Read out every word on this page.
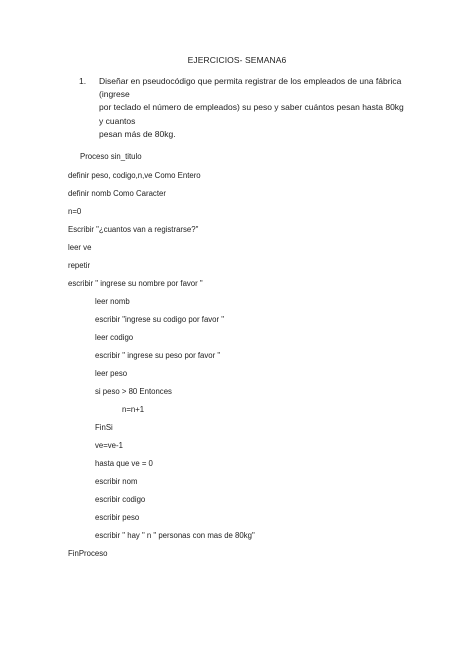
EJERCICIOS- SEMANA6
1. Diseñar en pseudocódigo que permita registrar de los empleados de una fábrica (ingrese
por teclado el número de empleados) su peso y saber cuántos pesan hasta 80kg y cuantos
pesan más de 80kg.
Proceso sin_titulo
definir peso, codigo,n,ve Como Entero
definir nomb Como Caracter
n=0
Escribir "¿cuantos van a registrarse?"
leer ve
repetir
escribir " ingrese su nombre por favor "
leer nomb
escribir "ingrese su codigo por favor "
leer codigo
escribir " ingrese su peso por favor "
leer peso
si peso > 80 Entonces
n=n+1
FinSi
ve=ve-1
hasta que ve = 0
escribir nom
escribir codigo
escribir peso
escribir " hay " n " personas con mas de 80kg"
FinProceso
